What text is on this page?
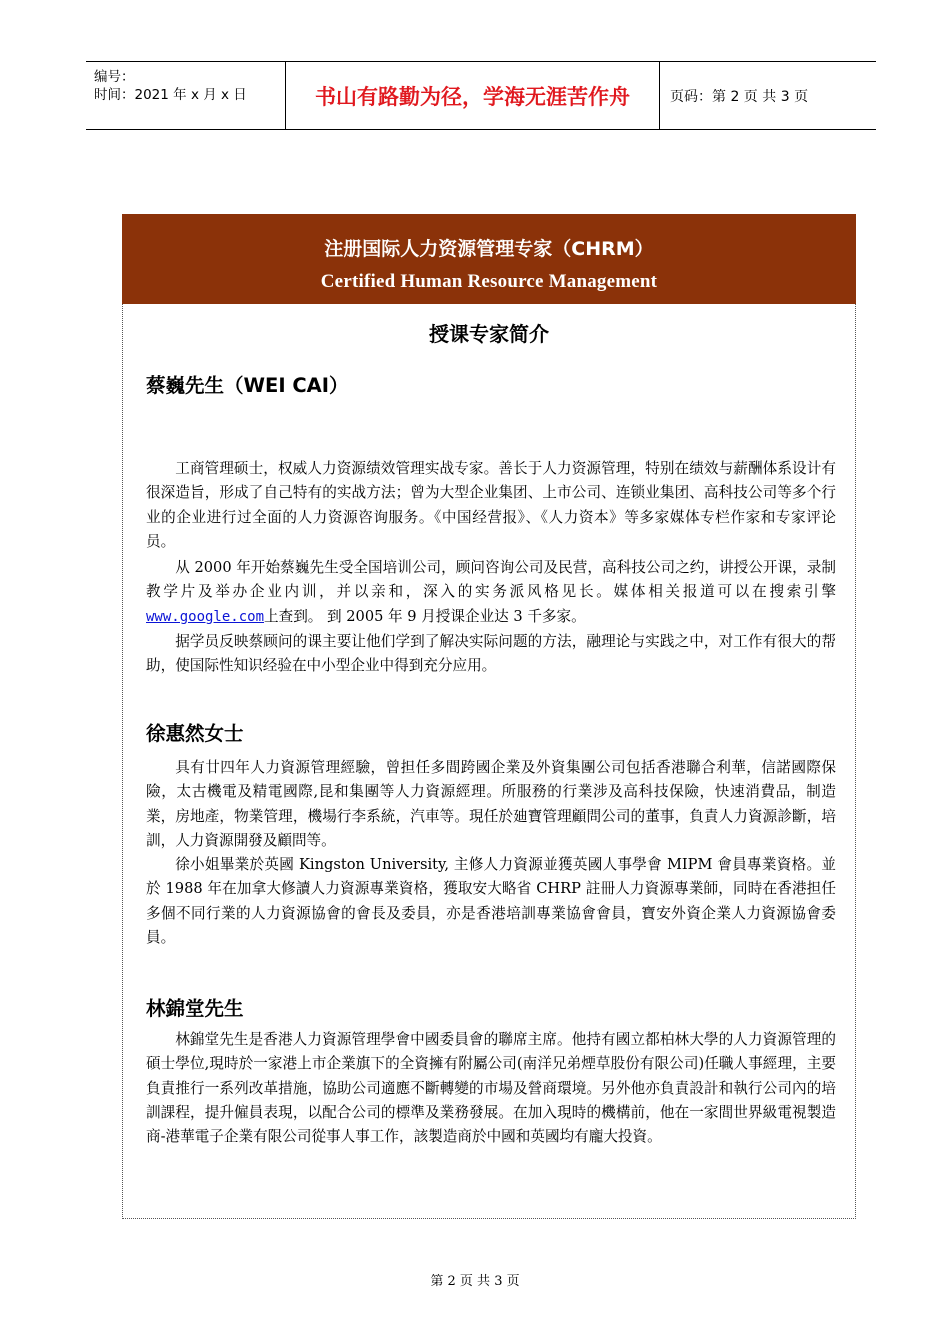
编号：
时间：2021 年 x 月 x 日	书山有路勤为径，学海无涯苦作舟	页码：第 2 页 共 3 页
注册国际人力资源管理专家（CHRM）
Certified Human Resource Management
授课专家简介
蔡巍先生（WEI CAI）
工商管理硕士，权威人力资源绩效管理实战专家。善长于人力资源管理，特别在绩效与薪酬体系设计有很深造旨，形成了自己特有的实战方法；曾为大型企业集团、上市公司、连锁业集团、高科技公司等多个行业的企业进行过全面的人力资源咨询服务。《中国经营报》、《人力资本》等多家媒体专栏作家和专家评论员。
从 2000 年开始蔡巍先生受全国培训公司，顾问咨询公司及民营，高科技公司之约，讲授公开课，录制教学片及举办企业内训，并以亲和，深入的实务派风格见长。媒体相关报道可以在搜索引擎www.google.com上查到。 到 2005 年 9 月授课企业达 3 千多家。
据学员反映蔡顾问的课主要让他们学到了解决实际问题的方法，融理论与实践之中，对工作有很大的帮助，使国际性知识经验在中小型企业中得到充分应用。
徐惠然女士
具有廿四年人力資源管理經驗，曾担任多間跨國企業及外資集團公司包括香港聯合利華，信諾國際保險，太古機電及精電國際,昆和集團等人力資源經理。所服務的行業涉及高科技保險，快速消費品，制造業，房地產，物業管理，機場行李系統，汽車等。現任於廸寶管理顧問公司的董事，負責人力資源診斷，培訓，人力資源開發及顧問等。
徐小姐畢業於英國 Kingston University, 主修人力資源並獲英國人事學會 MIPM 會員專業資格。並於 1988 年在加拿大修讀人力資源專業資格，獲取安大略省 CHRP 註冊人力資源專業師，同時在香港担任多個不同行業的人力資源協會的會長及委員，亦是香港培訓專業協會會員，寶安外資企業人力資源協會委員。
林錦堂先生
林錦堂先生是香港人力資源管理學會中國委員會的聯席主席。他持有國立都柏林大學的人力資源管理的碩士學位,現時於一家港上市企業旗下的全資擁有附屬公司(南洋兄弟煙草股份有限公司)任職人事經理，主要負責推行一系列改革措施，協助公司適應不斷轉變的市場及營商環境。另外他亦負責設計和執行公司內的培訓課程，提升僱員表現，以配合公司的標準及業務發展。在加入現時的機構前，他在一家間世界級電視製造商-港華電子企業有限公司從事人事工作，該製造商於中國和英國均有龐大投資。
第 2 页 共 3 页
